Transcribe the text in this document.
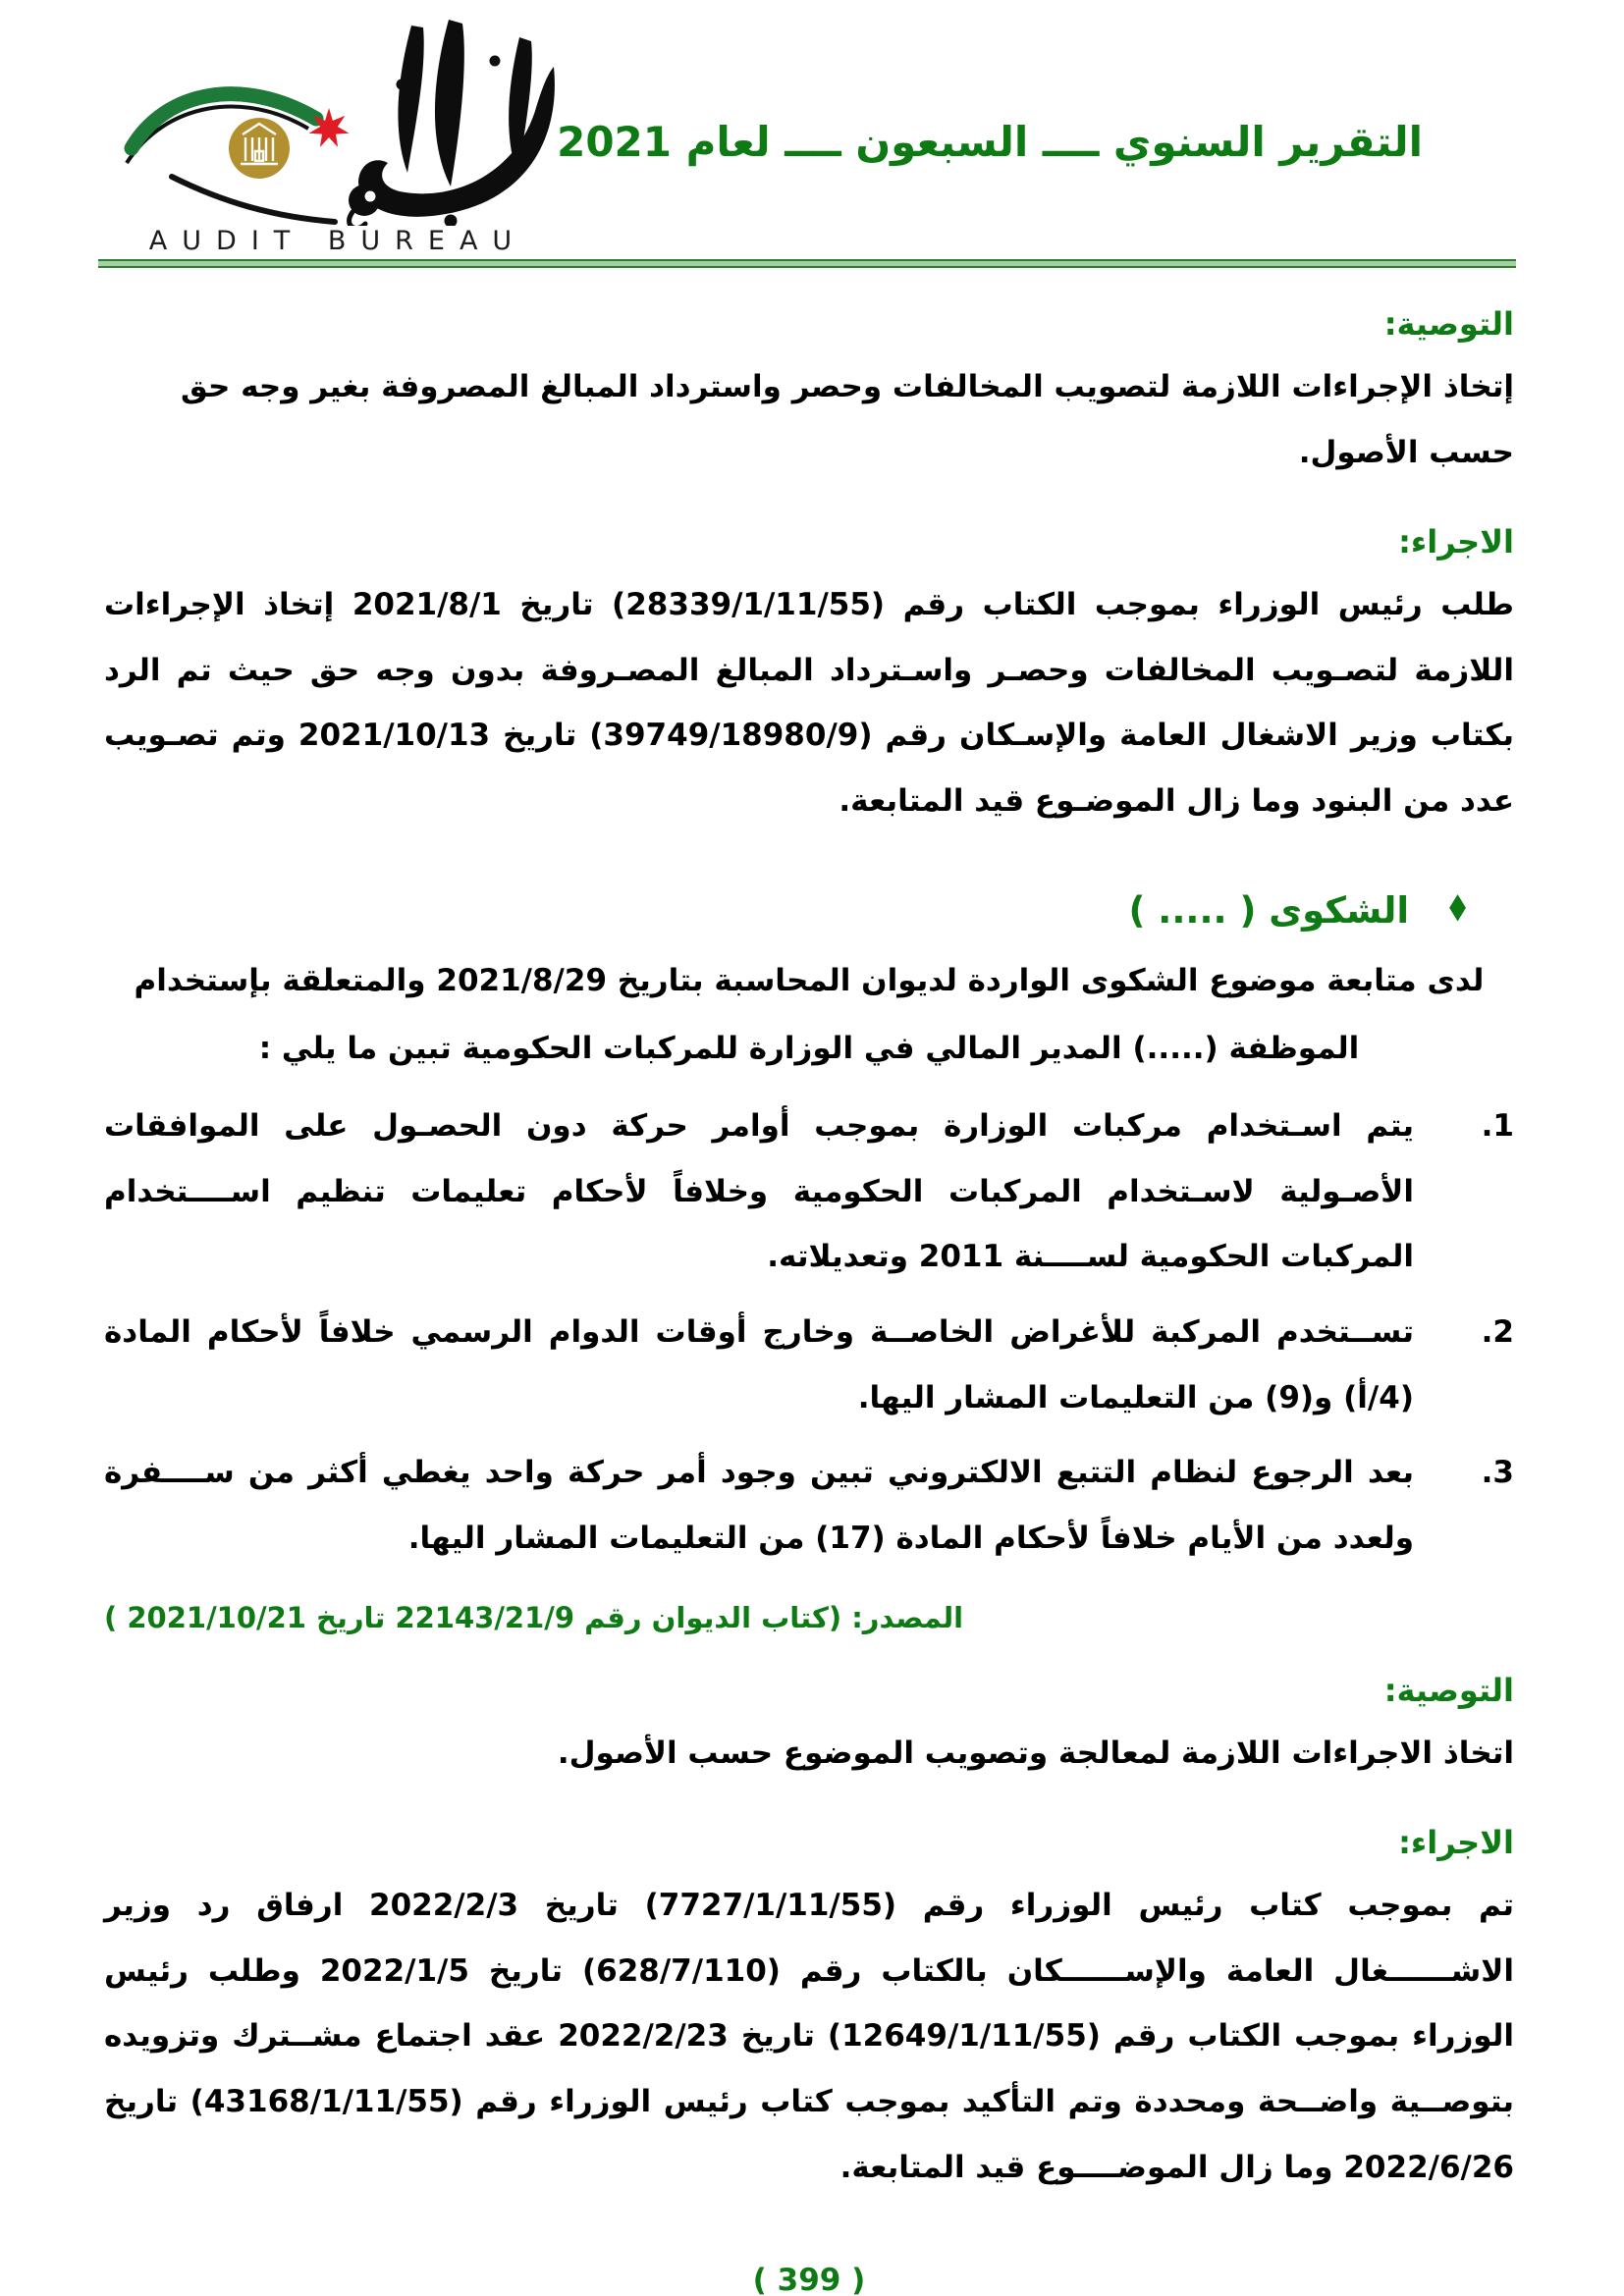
AUDIT BUREAU
التقرير السنوي ــــ السبعون ــــ لعام 2021
التوصية:

إتخاذ الإجراءات اللازمة لتصويب المخالفات وحصر واسترداد المبالغ المصروفة بغير وجه حق حسب الأصول.

الاجراء:

طلب رئيس الوزراء بموجب الكتاب رقم (28339/1/11/55) تاريخ 2021/8/1 إتخاذ الإجراءات اللازمة لتصـويب المخالفات وحصـر واسـترداد المبالغ المصـروفة بدون وجه حق حيث تم الرد بكتاب وزير الاشغال العامة والإسـكان رقم (39749/18980/9) تاريخ 2021/10/13 وتم تصـويب عدد من البنود وما زال الموضـوع قيد المتابعة.

♦
الشكوى ( ..... )

لدى متابعة موضوع الشكوى الواردة لديوان المحاسبة بتاريخ 2021/8/29 والمتعلقة بإستخدام الموظفة (.....) المدير المالي في الوزارة للمركبات الحكومية تبين ما يلي :

1.
يتم اسـتخدام مركبات الوزارة بموجب أوامر حركة دون الحصـول على الموافقات الأصـولية لاسـتخدام المركبات الحكومية وخلافاً لأحكام تعليمات تنظيم اســــتخدام المركبات الحكومية لســــنة 2011 وتعديلاته.
2.
تســتخدم المركبة للأغراض الخاصــة وخارج أوقات الدوام الرسمي خلافاً لأحكام المادة (4/أ) و(9) من التعليمات المشار اليها.
3.
بعد الرجوع لنظام التتبع الالكتروني تبين وجود أمر حركة واحد يغطي أكثر من ســــفرة ولعدد من الأيام خلافاً لأحكام المادة (17) من التعليمات المشار اليها.

المصدر: (كتاب الديوان رقم 22143/21/9 تاريخ 2021/10/21 )

التوصية:

اتخاذ الاجراءات اللازمة لمعالجة وتصويب الموضوع حسب الأصول.

الاجراء:

تم بموجب كتاب رئيس الوزراء رقم (7727/1/11/55) تاريخ 2022/2/3 ارفاق رد وزير الاشــــــغال العامة والإســــــكان بالكتاب رقم (628/7/110) تاريخ 2022/1/5 وطلب رئيس الوزراء بموجب الكتاب رقم (12649/1/11/55) تاريخ 2022/2/23 عقد اجتماع مشــترك وتزويده بتوصــية واضــحة ومحددة وتم التأكيد بموجب كتاب رئيس الوزراء رقم (43168/1/11/55) تاريخ 2022/6/26 وما زال الموضــــوع قيد المتابعة.

( 399 )
